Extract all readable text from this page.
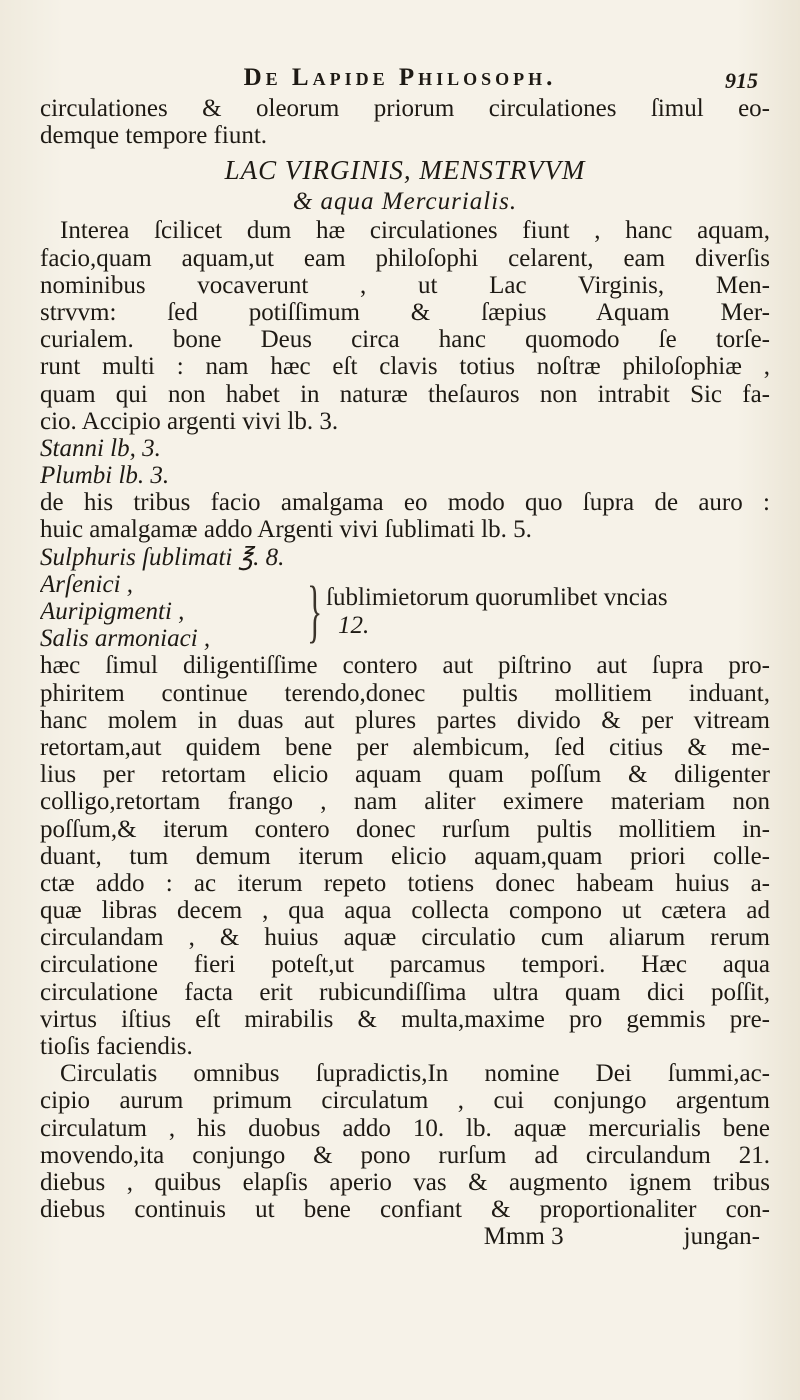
De Lapide Philosoph.	915
circulationes & oleorum priorum circulationes ſimul eo-
demque tempore fiunt.
LAC VIRGINIS, MENSTRVVM
& aqua Mercurialis.
Interea ſcilicet dum hæ circulationes fiunt , hanc aquam,
facio,quam aquam,ut eam philoſophi celarent, eam diverſis
nominibus vocaverunt , ut Lac Virginis, Men-
strvvm: ſed potiſſimum & ſæpius Aquam Mer-
curialem. bone Deus circa hanc quomodo ſe torſe-
runt multi : nam hæc eſt clavis totius noſtræ philoſophiæ ,
quam qui non habet in naturæ theſauros non intrabit Sic fa-
cio. Accipio argenti vivi lb. 3.
Stanni lb, 3.
Plumbi lb. 3.
de his tribus facio amalgama eo modo quo ſupra de auro :
huic amalgamæ addo Argenti vivi ſublimati lb. 5.
Sulphuris ſublimati ℥. 8.
Arſenici ,
Auripigmenti ,
Salis armoniaci ,	} ſublimietorum quorumlibet vncias
12.
hæc ſimul diligentiſſime contero aut piſtrino aut ſupra pro-
phiritem continue terendo,donec pultis mollitiem induant,
hanc molem in duas aut plures partes divido & per vitream
retortam,aut quidem bene per alembicum, ſed citius & me-
lius per retortam elicio aquam quam poſſum & diligenter
colligo,retortam frango , nam aliter eximere materiam non
poſſum,& iterum contero donec rurſum pultis mollitiem in-
duant, tum demum iterum elicio aquam,quam priori colle-
ctæ addo : ac iterum repeto totiens donec habeam huius a-
quæ libras decem , qua aqua collecta compono ut cætera ad
circulandam , & huius aquæ circulatio cum aliarum rerum
circulatione fieri poteſt,ut parcamus tempori. Hæc aqua
circulatione facta erit rubicundiſſima ultra quam dici poſſit,
virtus iſtius eſt mirabilis & multa,maxime pro gemmis pre-
tioſis faciendis.
Circulatis omnibus ſupradictis,In nomine Dei ſummi,ac-
cipio aurum primum circulatum , cui conjungo argentum
circulatum , his duobus addo 10. lb. aquæ mercurialis bene
movendo,ita conjungo & pono rurſum ad circulandum 21.
diebus , quibus elapſis aperio vas & augmento ignem tribus
diebus continuis ut bene confiant & proportionaliter con-
Mmm 3	jungan-
